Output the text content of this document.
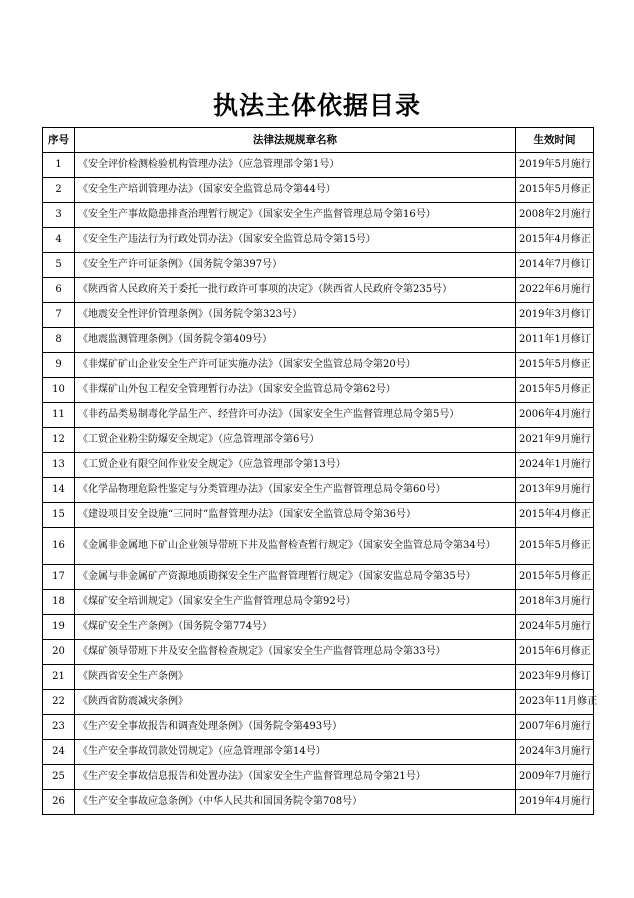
执法主体依据目录
序号	法律法规规章名称	生效时间
1	《安全评价检测检验机构管理办法》（应急管理部令第1号）	2019年5月施行
2	《安全生产培训管理办法》（国家安全监管总局令第44号）	2015年5月修正
3	《安全生产事故隐患排查治理暂行规定》（国家安全生产监督管理总局令第16号）	2008年2月施行
4	《安全生产违法行为行政处罚办法》（国家安全监管总局令第15号）	2015年4月修正
5	《安全生产许可证条例》（国务院令第397号）	2014年7月修订
6	《陕西省人民政府关于委托一批行政许可事项的决定》（陕西省人民政府令第235号）	2022年6月施行
7	《地震安全性评价管理条例》（国务院令第323号）	2019年3月修订
8	《地震监测管理条例》（国务院令第409号）	2011年1月修订
9	《非煤矿矿山企业安全生产许可证实施办法》（国家安全监管总局令第20号）	2015年5月修正
10	《非煤矿山外包工程安全管理暂行办法》（国家安全监管总局令第62号）	2015年5月修正
11	《非药品类易制毒化学品生产、经营许可办法》（国家安全生产监督管理总局令第5号）	2006年4月施行
12	《工贸企业粉尘防爆安全规定》（应急管理部令第6号）	2021年9月施行
13	《工贸企业有限空间作业安全规定》（应急管理部令第13号）	2024年1月施行
14	《化学品物理危险性鉴定与分类管理办法》（国家安全生产监督管理总局令第60号）	2013年9月施行
15	《建设项目安全设施“三同时”监督管理办法》（国家安全监管总局令第36号）	2015年4月修正
16	《金属非金属地下矿山企业领导带班下井及监督检查暂行规定》（国家安全监管总局令第34号）	2015年5月修正
17	《金属与非金属矿产资源地质勘探安全生产监督管理暂行规定》（国家安监总局令第35号）	2015年5月修正
18	《煤矿安全培训规定》（国家安全生产监督管理总局令第92号）	2018年3月施行
19	《煤矿安全生产条例》（国务院令第774号）	2024年5月施行
20	《煤矿领导带班下井及安全监督检查规定》（国家安全生产监督管理总局令第33号）	2015年6月修正
21	《陕西省安全生产条例》	2023年9月修订
22	《陕西省防震减灾条例》	2023年11月修正
23	《生产安全事故报告和调查处理条例》（国务院令第493号）	2007年6月施行
24	《生产安全事故罚款处罚规定》（应急管理部令第14号）	2024年3月施行
25	《生产安全事故信息报告和处置办法》（国家安全生产监督管理总局令第21号）	2009年7月施行
26	《生产安全事故应急条例》（中华人民共和国国务院令第708号）	2019年4月施行
